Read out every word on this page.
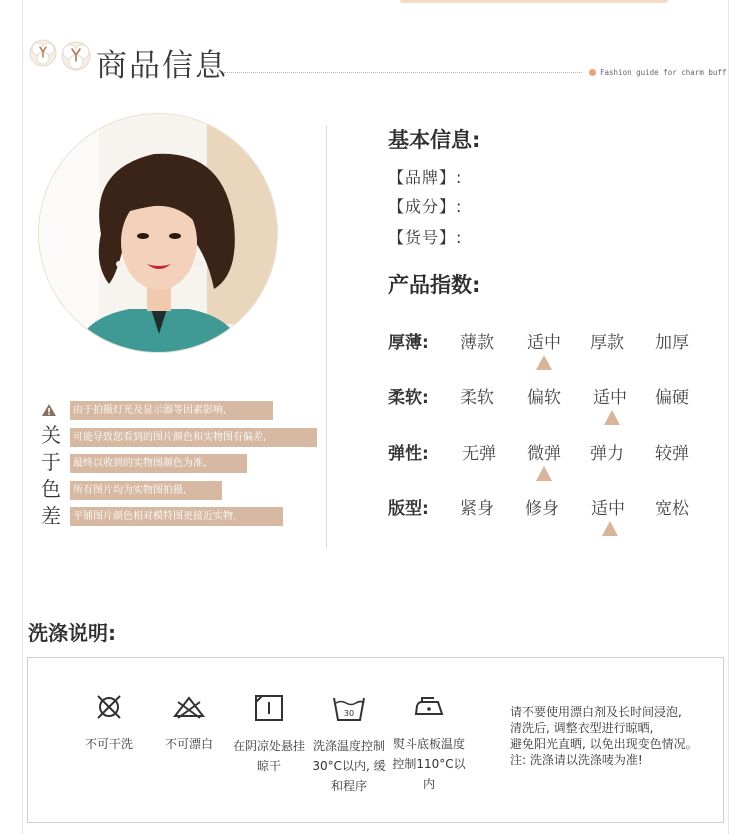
商品信息	Fashion guide for charm buff
关
于
色
差
由于拍摄灯光及显示器等因素影响,
可能导致您看到的图片颜色和实物图有偏差,
最终以收到的实物图颜色为准,
所有图片均为实物图拍摄,
平铺图片颜色相对模特图更接近实物.
基本信息:
【品牌】:
【成分】:
【货号】:
产品指数:
厚薄: 薄款 适中 厚款 加厚
柔软: 柔软 偏软 适中 偏硬
弹性: 无弹 微弹 弹力 较弹
版型: 紧身 修身 适中 宽松
洗涤说明:
不可干洗	不可漂白	在阴凉处悬挂
晾干
30
洗涤温度控制
30°C以内, 缓
和程序
熨斗底板温度
控制110°C以
内
请不要使用漂白剂及长时间浸泡,
清洗后, 调整衣型进行晾晒,
避免阳光直晒, 以免出现变色情况。
注: 洗涤请以洗涤唛为准!
